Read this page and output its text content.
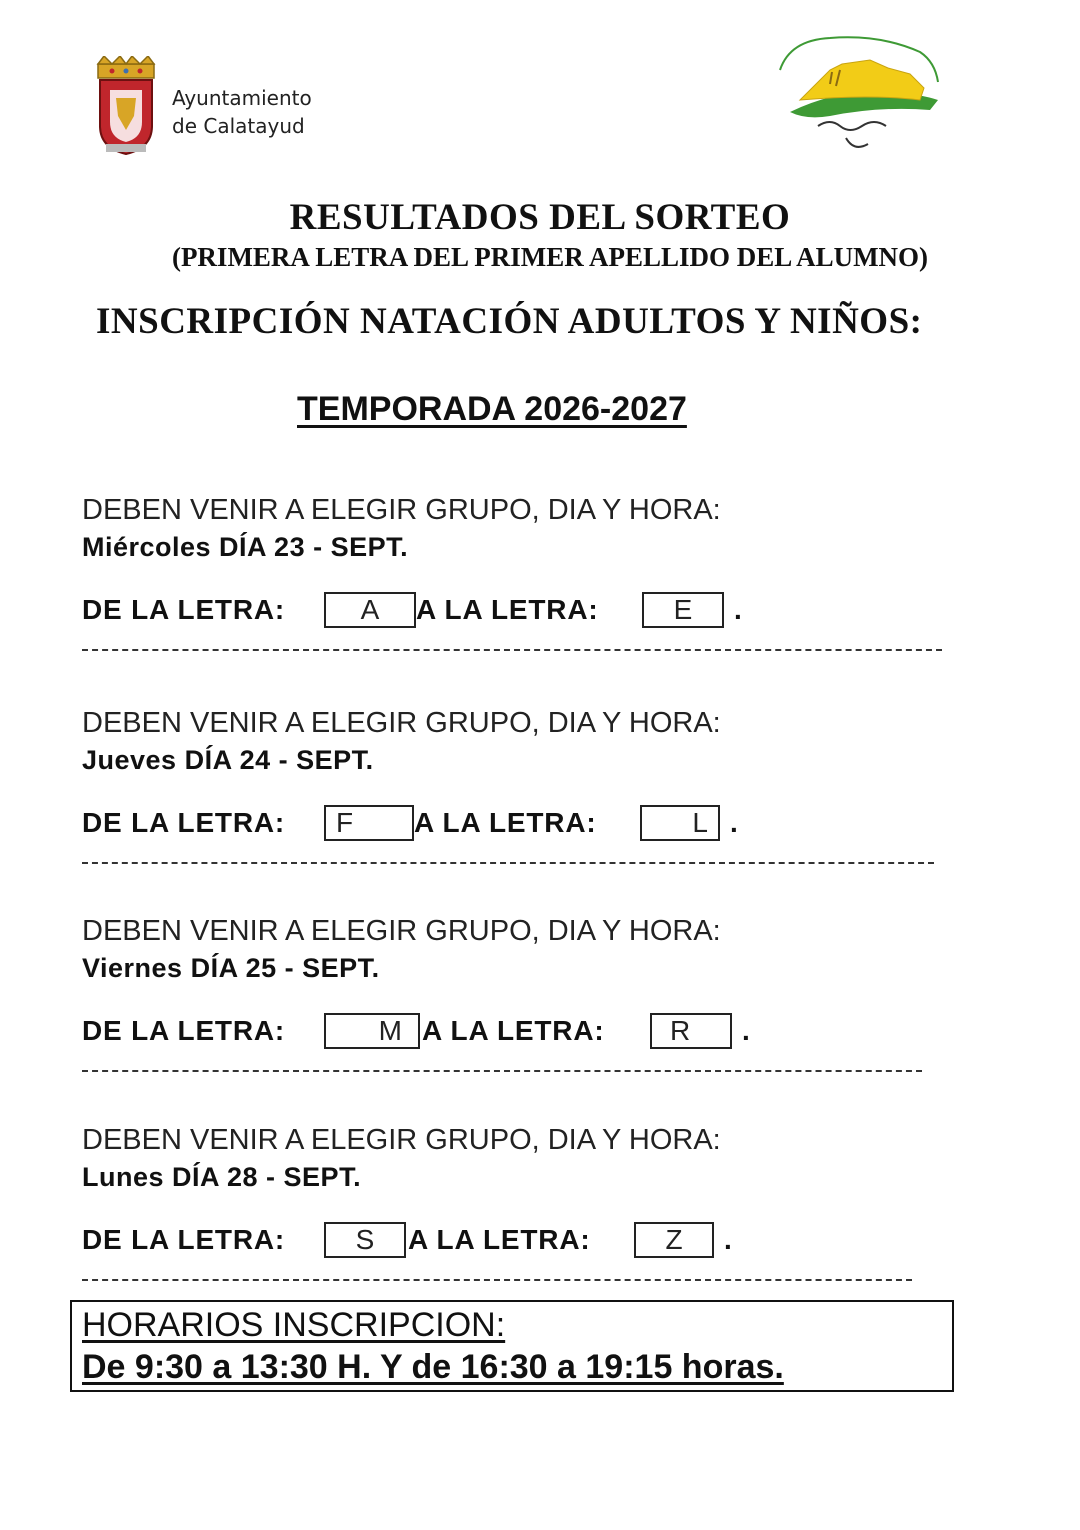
Ayuntamiento
de Calatayud
RESULTADOS DEL SORTEO
(PRIMERA LETRA DEL PRIMER APELLIDO DEL ALUMNO)
INSCRIPCIÓN NATACIÓN ADULTOS Y NIÑOS:
TEMPORADA 2026-2027
DEBEN VENIR A ELEGIR GRUPO, DIA Y HORA:
Miércoles DÍA 23 - SEPT.
DE LA LETRA:	A	A LA LETRA:	E	.
DEBEN VENIR A ELEGIR GRUPO, DIA Y HORA:
Jueves DÍA 24 - SEPT.
DE LA LETRA:	F	A LA LETRA:	L .
DEBEN VENIR A ELEGIR GRUPO, DIA Y HORA:
Viernes DÍA 25 - SEPT.
DE LA LETRA:	M A LA LETRA:	R	.
DEBEN VENIR A ELEGIR GRUPO, DIA Y HORA:
Lunes DÍA 28 - SEPT.
DE LA LETRA:	S	A LA LETRA:	Z	.
HORARIOS INSCRIPCION:
De 9:30 a 13:30 H. Y de 16:30 a 19:15 horas.
